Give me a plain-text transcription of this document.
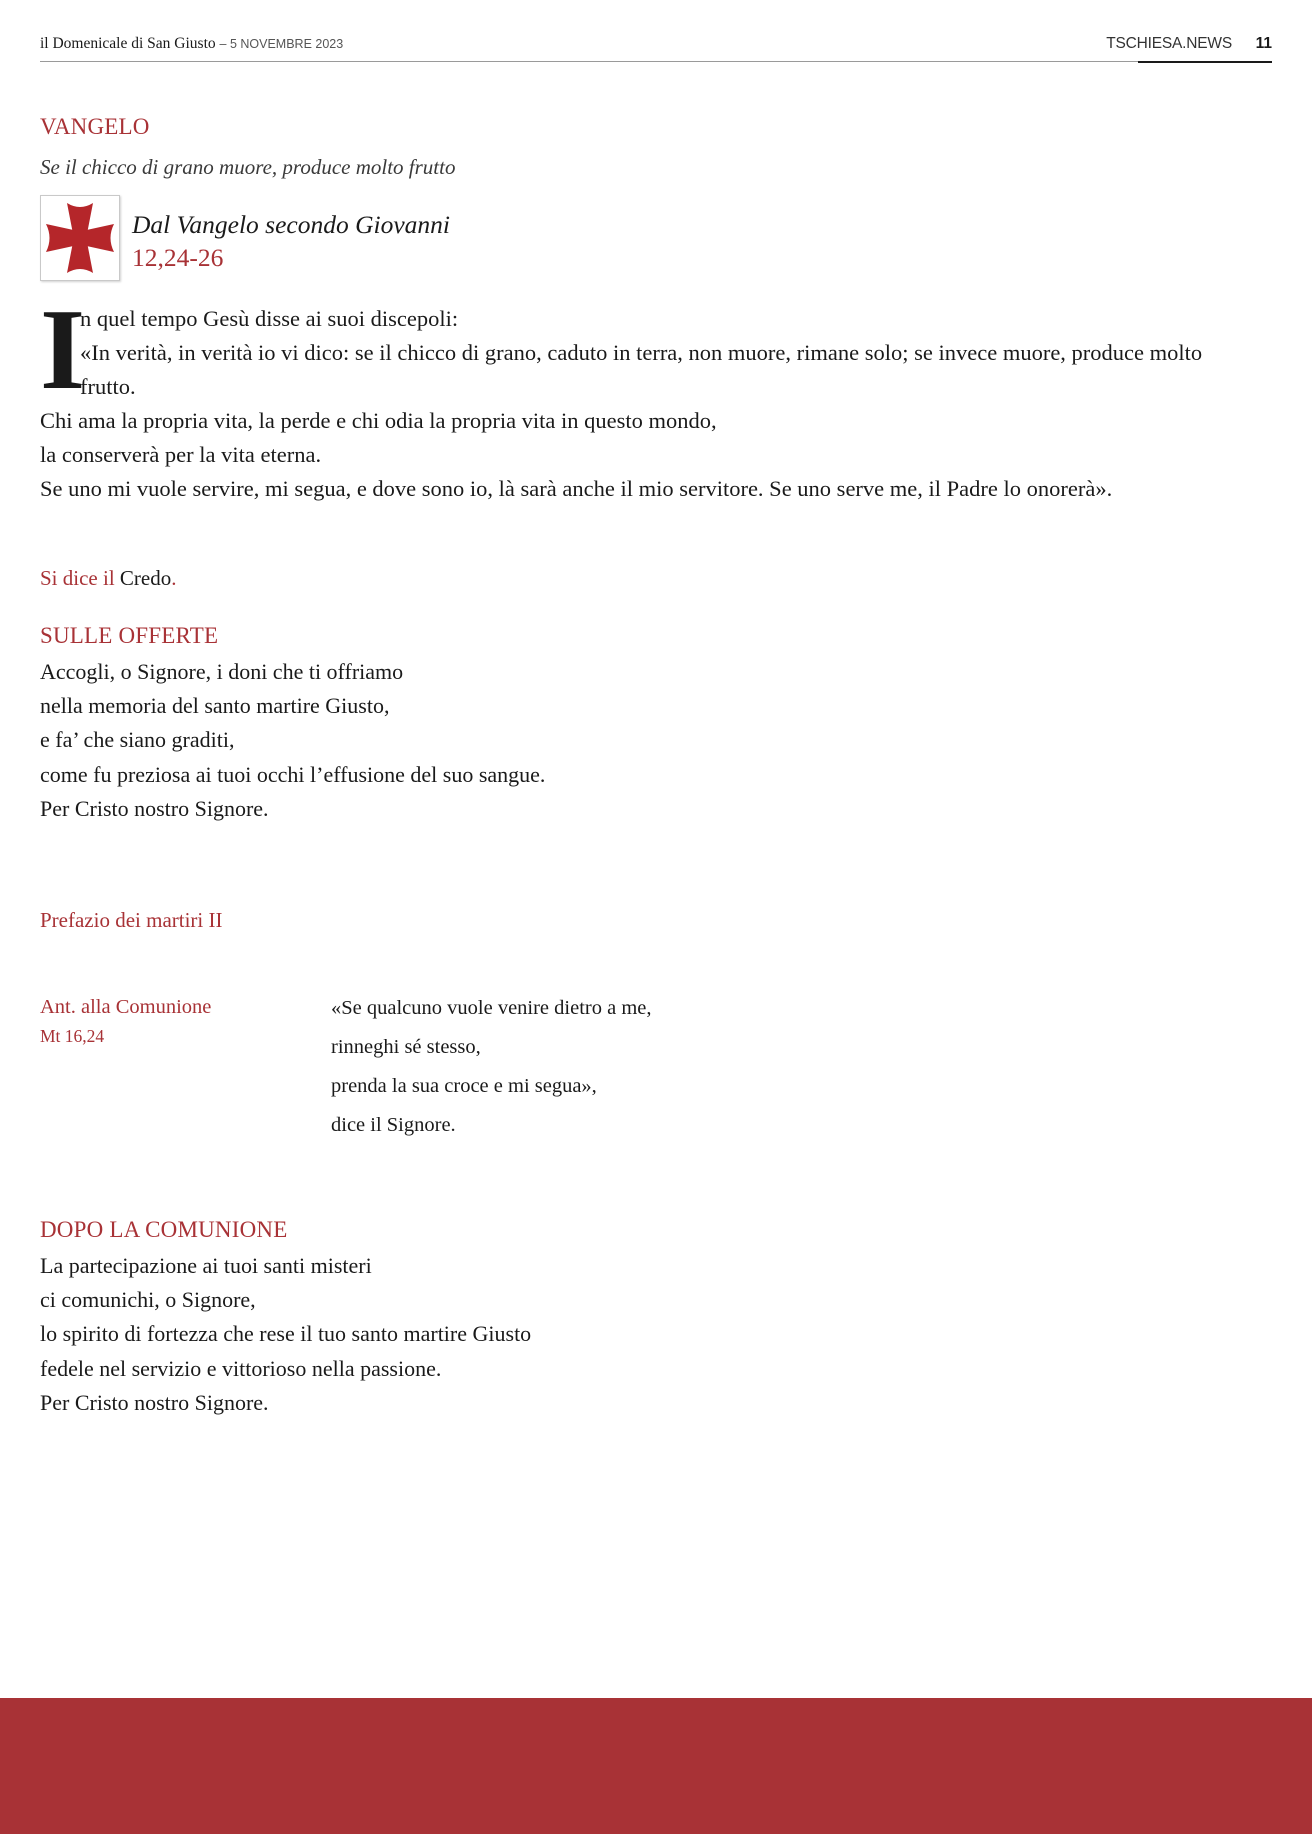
il Domenicale di San Giusto – 5 NOVEMBRE 2023	TSCHIESA.NEWS 11
VANGELO
Se il chicco di grano muore, produce molto frutto
Dal Vangelo secondo Giovanni
12,24-26
I
n quel tempo Gesù disse ai suoi discepoli:
«In verità, in verità io vi dico: se il chicco di grano, caduto in terra, non muore, rimane solo; se invece muore, produce molto
frutto.
Chi ama la propria vita, la perde e chi odia la propria vita in questo mondo,
la conserverà per la vita eterna.
Se uno mi vuole servire, mi segua, e dove sono io, là sarà anche il mio servitore. Se uno serve me, il Padre lo onorerà».
Si dice il Credo.
SULLE OFFERTE
Accogli, o Signore, i doni che ti offriamo
nella memoria del santo martire Giusto,
e fa’ che siano graditi,
come fu preziosa ai tuoi occhi l’effusione del suo sangue.
Per Cristo nostro Signore.
Prefazio dei martiri II
Ant. alla Comunione
Mt 16,24
«Se qualcuno vuole venire dietro a me,
rinneghi sé stesso,
prenda la sua croce e mi segua»,
dice il Signore.
DOPO LA COMUNIONE
La partecipazione ai tuoi santi misteri
ci comunichi, o Signore,
lo spirito di fortezza che rese il tuo santo martire Giusto
fedele nel servizio e vittorioso nella passione.
Per Cristo nostro Signore.
